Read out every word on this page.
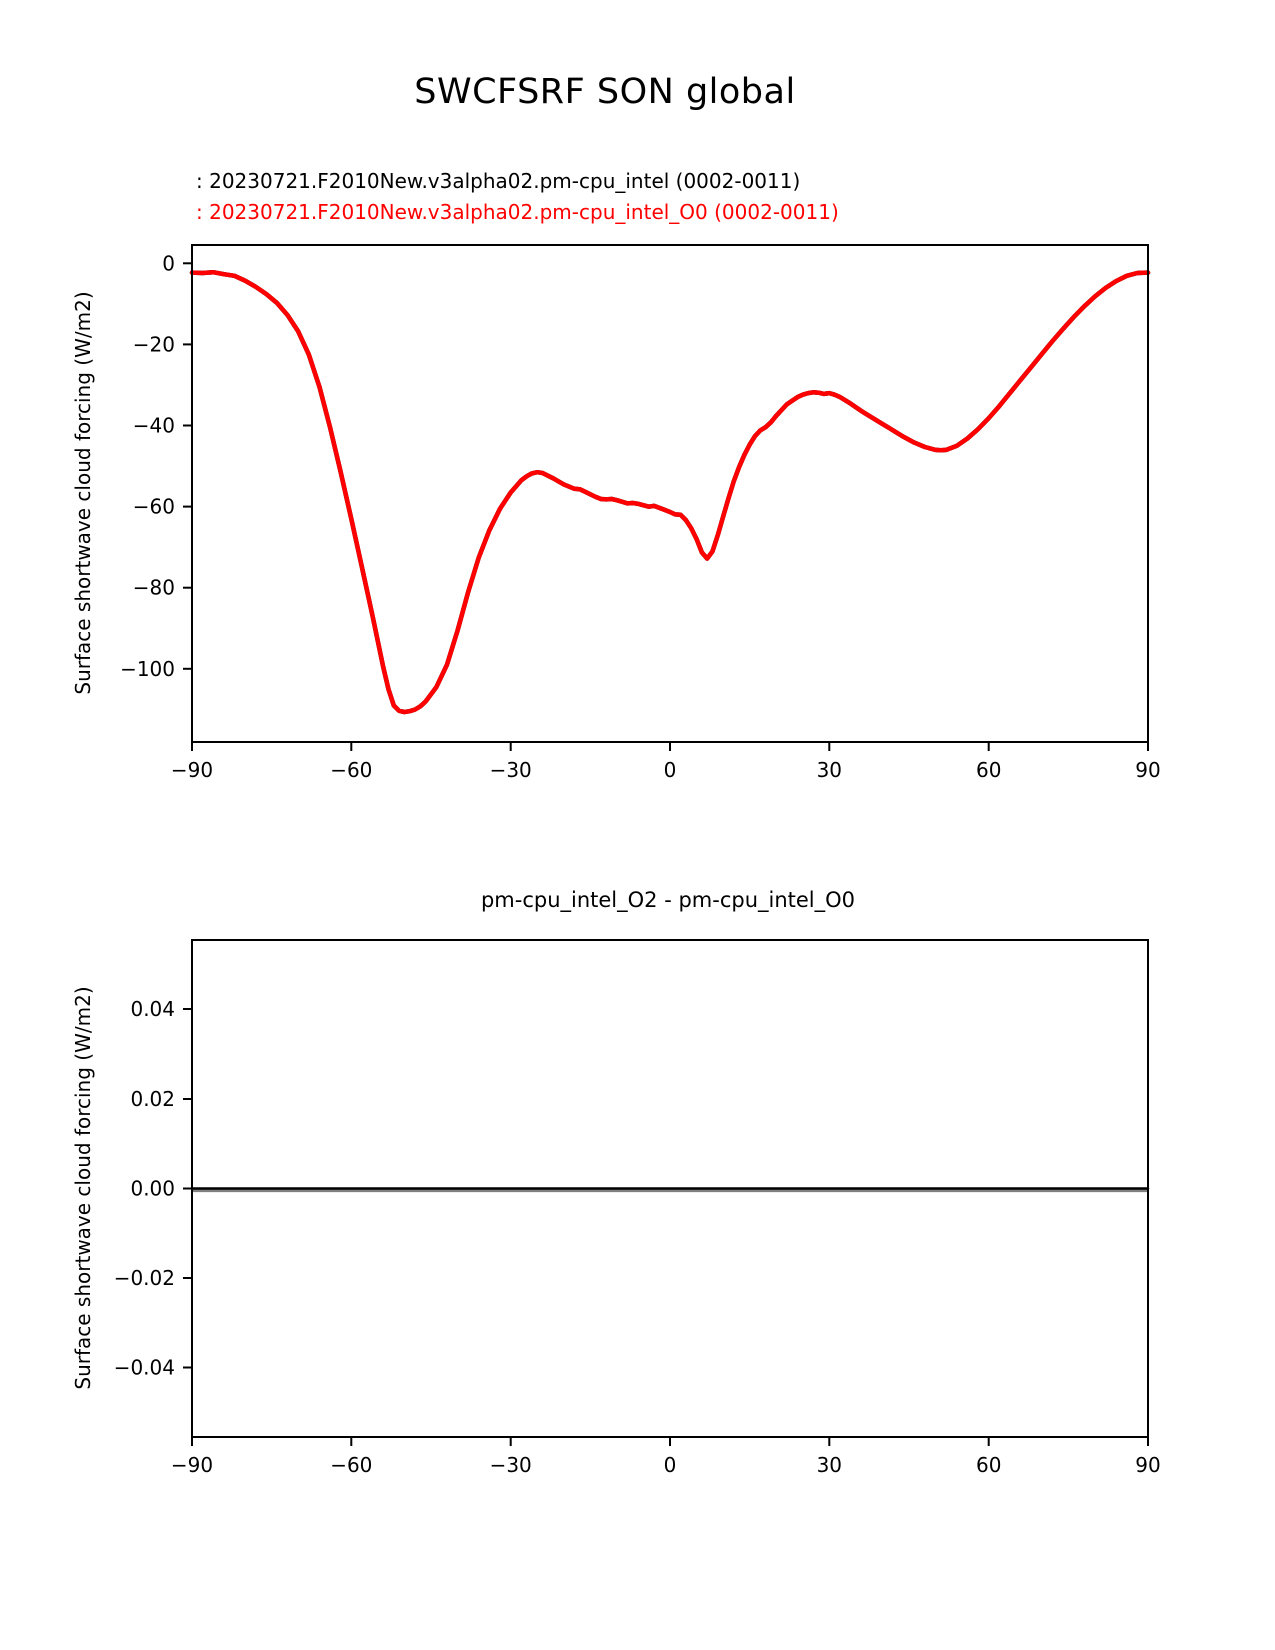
SWCFSRF SON global
: 20230721.F2010New.v3alpha02.pm-cpu_intel (0002-0011)
: 20230721.F2010New.v3alpha02.pm-cpu_intel_O0 (0002-0011)
Surface shortwave cloud forcing (W/m2)
−90	−60	−30	0	30	60	90
0
−20
−40
−60
−80
−100
pm-cpu_intel_O2 - pm-cpu_intel_O0
Surface shortwave cloud forcing (W/m2)
−90	−60	−30	0	30	60	90
0.04
0.02
0.00
−0.02
−0.04
